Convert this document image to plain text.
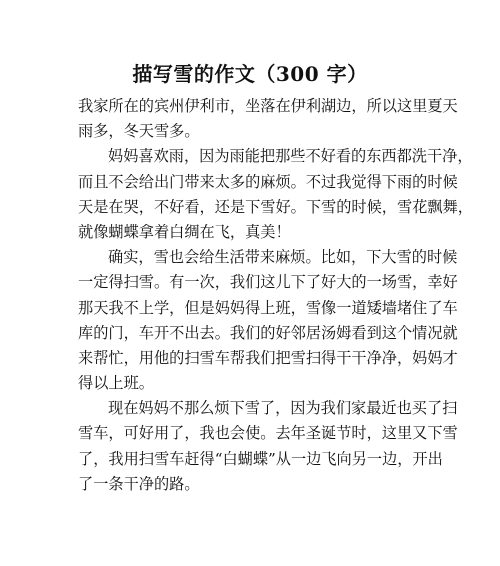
描写雪的作文（300 字）

我家所在的宾州伊利市，坐落在伊利湖边，所以这里夏天
雨多，冬天雪多。

妈妈喜欢雨，因为雨能把那些不好看的东西都洗干净，
而且不会给出门带来太多的麻烦。不过我觉得下雨的时候
天是在哭，不好看，还是下雪好。下雪的时候，雪花飘舞，
就像蝴蝶拿着白绸在飞，真美！

确实，雪也会给生活带来麻烦。比如，下大雪的时候
一定得扫雪。有一次，我们这儿下了好大的一场雪，幸好
那天我不上学，但是妈妈得上班，雪像一道矮墙堵住了车
库的门，车开不出去。我们的好邻居汤姆看到这个情况就
来帮忙，用他的扫雪车帮我们把雪扫得干干净净，妈妈才
得以上班。

现在妈妈不那么烦下雪了，因为我们家最近也买了扫
雪车，可好用了，我也会使。去年圣诞节时，这里又下雪
了，我用扫雪车赶得“白蝴蝶”从一边飞向另一边，开出
了一条干净的路。
